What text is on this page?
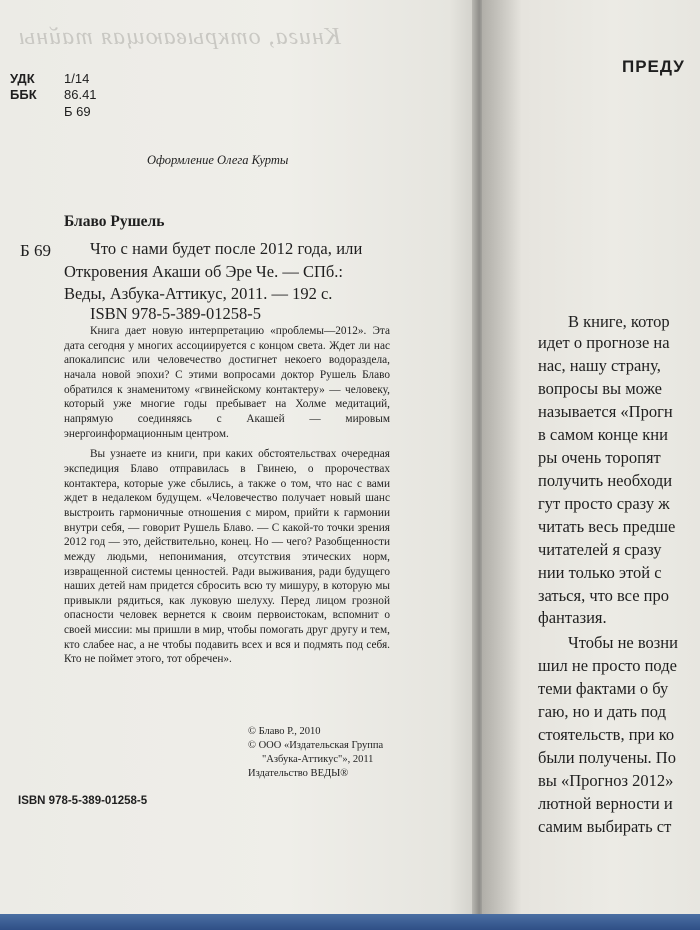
Книга, открывающая тайны
УДК 1/14
ББК 86.41
Б 69
Оформление Олега Курты
Блаво Рушель
Б 69 Что с нами будет после 2012 года, или
Откровения Акаши об Эре Че. — СПб.:
Веды, Азбука-Аттикус, 2011. — 192 с.
ISBN 978-5-389-01258-5

Книга дает новую интерпретацию «проблемы—2012». Эта дата сегодня у многих ассоциируется с концом света. Ждет ли нас апокалипсис или человечество достигнет некоего водораздела, начала новой эпохи? С этими вопросами доктор Рушель Блаво обратился к знаменитому «гвинейскому контактеру» — человеку, который уже многие годы пребывает на Холме медитаций, напрямую соединяясь с Акашей — мировым энергоинформационным центром.

Вы узнаете из книги, при каких обстоятельствах очередная экспедиция Блаво отправилась в Гвинею, о пророчествах контактера, которые уже сбылись, а также о том, что нас с вами ждет в недалеком будущем. «Человечество получает новый шанс выстроить гармоничные отношения с миром, прийти к гармонии внутри себя, — говорит Рушель Блаво. — С какой-то точки зрения 2012 год — это, действительно, конец. Но — чего? Разобщенности между людьми, непонимания, отсутствия этических норм, извращенной системы ценностей. Ради выживания, ради будущего наших детей нам придется сбросить всю ту мишуру, в которую мы привыкли рядиться, как луковую шелуху. Перед лицом грозной опасности человек вернется к своим первоистокам, вспомнит о своей миссии: мы пришли в мир, чтобы помогать друг другу и тем, кто слабее нас, а не чтобы подавить всех и вся и подмять под себя. Кто не поймет этого, тот обречен».

© Блаво Р., 2010
© ООО «Издательская Группа
"Азбука-Аттикус"», 2011
Издательство ВЕДЫ®
ISBN 978-5-389-01258-5
ПРЕДУ
В книге, котор
идет о прогнозе на
нас, нашу страну,
вопросы вы може
называется «Прогн
в самом конце кни
ры очень торопят
получить необходи
гут просто сразу ж
читать весь предше
читателей я сразу
нии только этой с
заться, что все про
фантазия.
Чтобы не возни
шил не просто поде
теми фактами о бу
гаю, но и дать под
стоятельств, при ко
были получены. По
вы «Прогноз 2012»
лютной верности и
самим выбирать ст
